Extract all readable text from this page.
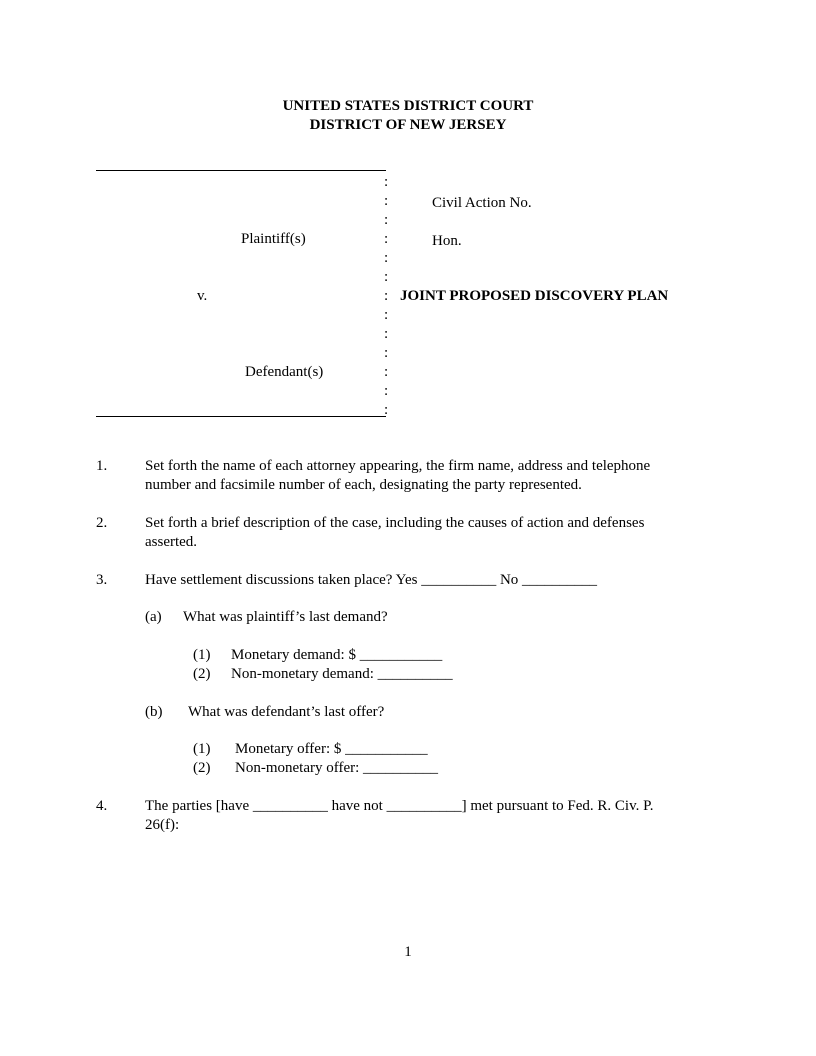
UNITED STATES DISTRICT COURT
DISTRICT OF NEW JERSEY
:
:
:
:
:
:
:
:
:
:
:
:
:
Plaintiff(s)
v.
Defendant(s)
Civil Action No.
Hon.
JOINT PROPOSED DISCOVERY PLAN
1.	Set forth the name of each attorney appearing, the firm name, address and telephone
number and facsimile number of each, designating the party represented.
2.	Set forth a brief description of the case, including the causes of action and defenses
asserted.
3.	Have settlement discussions taken place? Yes __________ No __________
(a) What was plaintiff’s last demand?
(1) Monetary demand: $ ___________
(2) Non-monetary demand: __________
(b) What was defendant’s last offer?
(1) Monetary offer: $ ___________
(2) Non-monetary offer: __________
4.	The parties [have __________ have not __________] met pursuant to Fed. R. Civ. P.
26(f):
1
